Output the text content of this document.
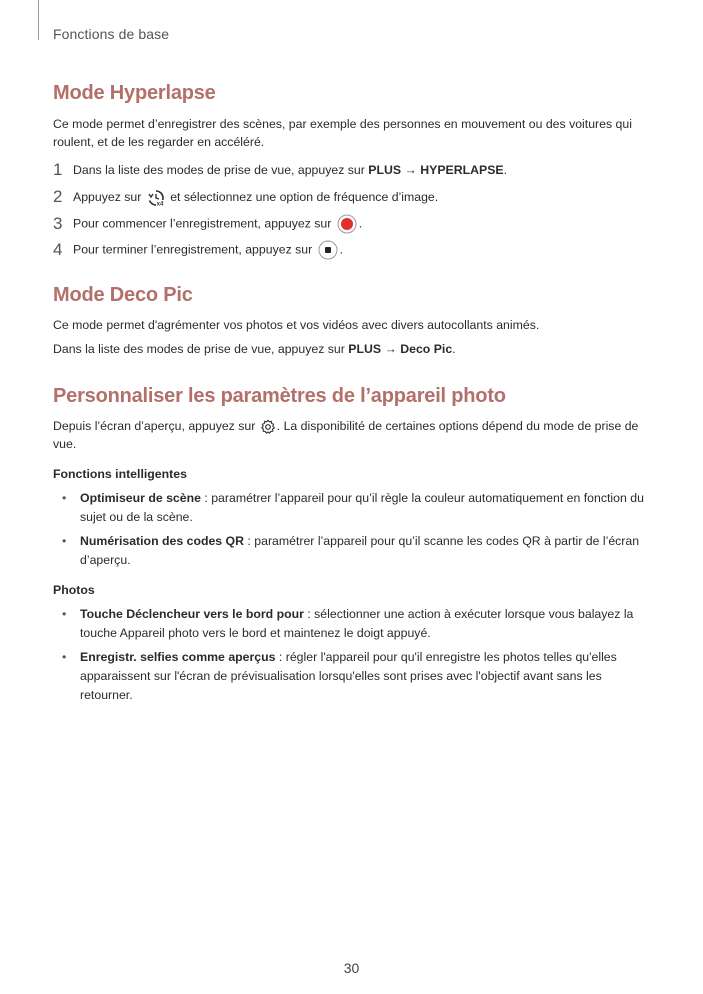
Fonctions de base
Mode Hyperlapse

Ce mode permet d’enregistrer des scènes, par exemple des personnes en mouvement ou des voitures qui roulent, et de les regarder en accéléré.

1 Dans la liste des modes de prise de vue, appuyez sur PLUS → HYPERLAPSE.
2 Appuyez sur
x4
et sélectionnez une option de fréquence d’image.
3 Pour commencer l’enregistrement, appuyez sur .
4 Pour terminer l’enregistrement, appuyez sur .
Mode Deco Pic

Ce mode permet d'agrémenter vos photos et vos vidéos avec divers autocollants animés.

Dans la liste des modes de prise de vue, appuyez sur PLUS → Deco Pic.

Personnaliser les paramètres de l’appareil photo

Depuis l’écran d’aperçu, appuyez sur . La disponibilité de certaines options dépend du mode de prise de vue.

Fonctions intelligentes
•	Optimiseur de scène : paramétrer l’appareil pour qu’il règle la couleur automatiquement en fonction du sujet ou de la scène.
•	Numérisation des codes QR : paramétrer l’appareil pour qu’il scanne les codes QR à partir de l’écran d’aperçu.
Photos
•	Touche Déclencheur vers le bord pour : sélectionner une action à exécuter lorsque vous balayez la touche Appareil photo vers le bord et maintenez le doigt appuyé.
•	Enregistr. selfies comme aperçus : régler l'appareil pour qu'il enregistre les photos telles qu'elles apparaissent sur l'écran de prévisualisation lorsqu'elles sont prises avec l'objectif avant sans les retourner.
30
